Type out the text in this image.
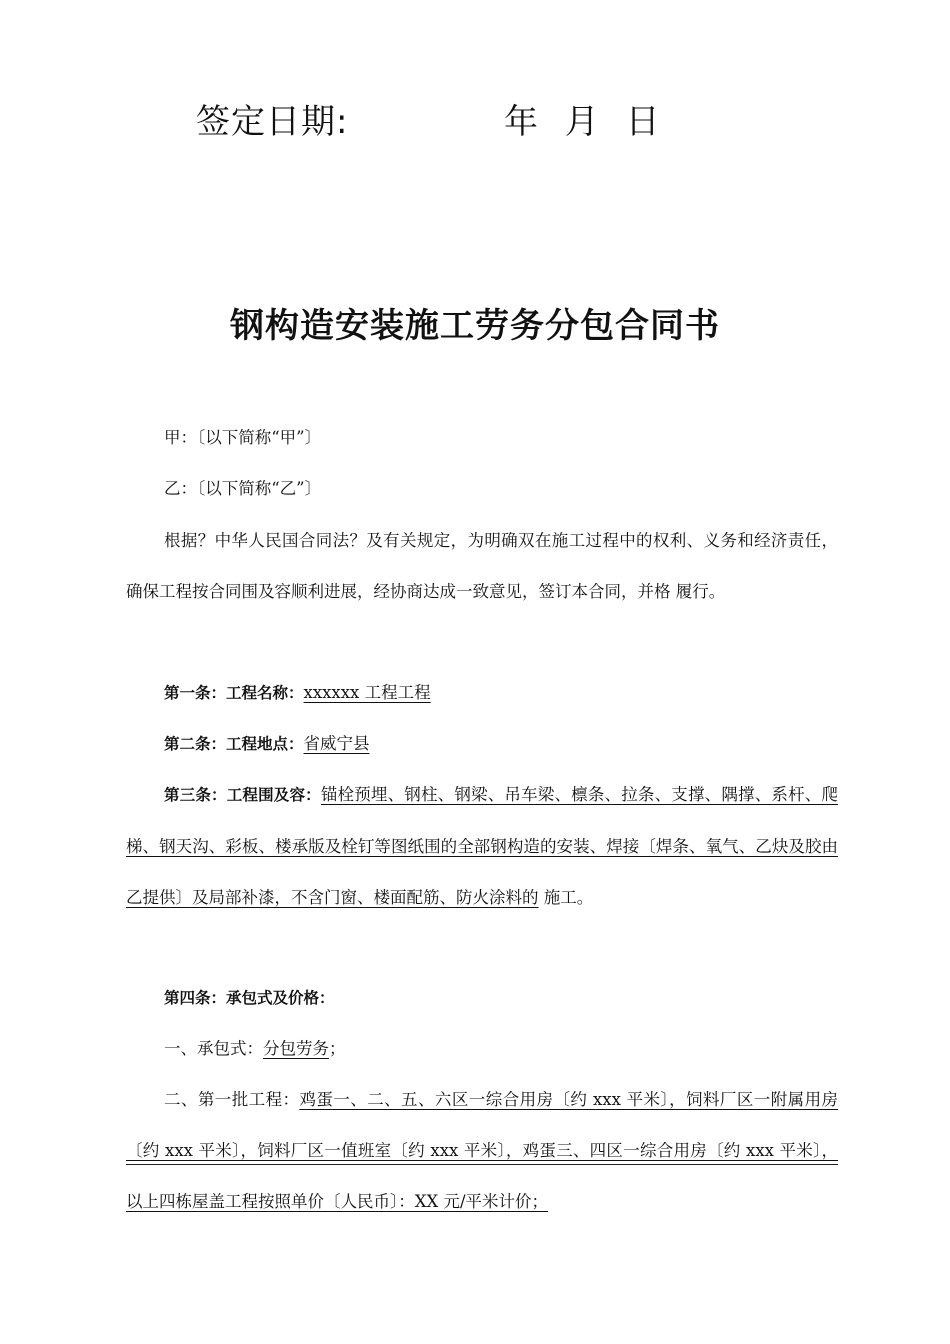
签定日期:	年 月 日
钢构造安装施工劳务分包合同书
甲：〔以下简称“甲”〕
乙：〔以下简称“乙”〕
根据？中华人民国合同法？及有关规定，为明确双在施工过程中的权利、义务和经济责任，确保工程按合同围及容顺利进展，经协商达成一致意见，签订本合同，并格 履行。
第一条：工程名称：xxxxxx 工程工程
第二条：工程地点：省威宁县
第三条：工程围及容：锚栓预埋、钢柱、钢梁、吊车梁、檩条、拉条、支撑、隅撑、系杆、爬梯、钢天沟、彩板、楼承版及栓钉等图纸围的全部钢构造的安装、焊接〔焊条、氧气、乙炔及胶由乙提供〕及局部补漆，不含门窗、楼面配筋、防火涂料的 施工。
第四条：承包式及价格：
一、承包式：分包劳务；
二、第一批工程：鸡蛋一、二、五、六区一综合用房〔约 xxx 平米〕，饲料厂区一附属用房〔约 xxx 平米〕，饲料厂区一值班室〔约 xxx 平米〕，鸡蛋三、四区一综合用房〔约 xxx 平米〕，以上四栋屋盖工程按照单价〔人民币〕：XX 元/平米计价；
